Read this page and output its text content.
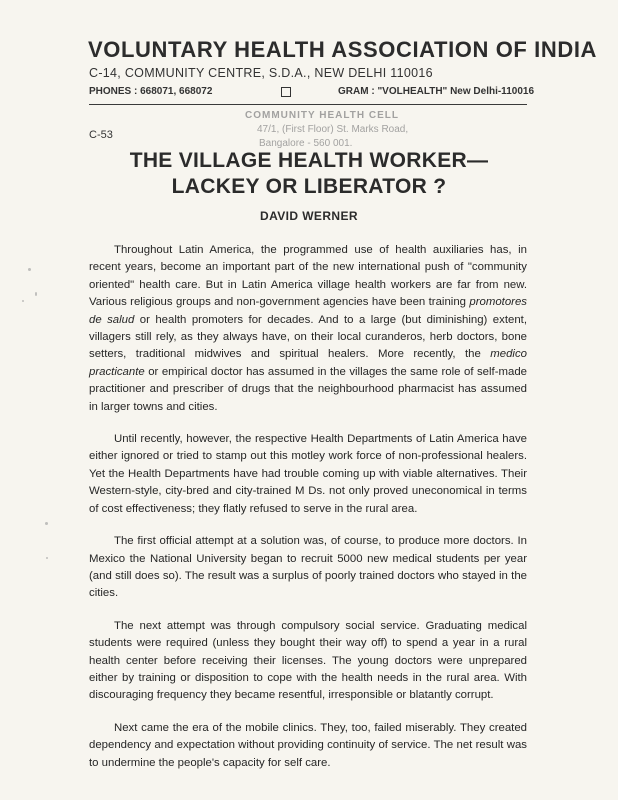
VOLUNTARY HEALTH ASSOCIATION OF INDIA
C-14, COMMUNITY CENTRE, S.D.A., NEW DELHI 110016
PHONES : 668071, 668072	GRAM : "VOLHEALTH" New Delhi-110016
COMMUNITY HEALTH CELL
47/1, (First Floor) St. Marks Road,
Bangalore - 560 001.
C-53
THE VILLAGE HEALTH WORKER—
LACKEY OR LIBERATOR ?
DAVID WERNER

Throughout Latin America, the programmed use of health auxiliaries has, in recent years, become an important part of the new international push of "community oriented" health care. But in Latin America village health workers are far from new. Various religious groups and non-government agencies have been training promotores de salud or health promoters for decades. And to a large (but diminishing) extent, villagers still rely, as they always have, on their local curanderos, herb doctors, bone setters, traditional midwives and spiritual healers. More recently, the medico practicante or empirical doctor has assumed in the villages the same role of self-made practitioner and prescriber of drugs that the neighbourhood pharmacist has assumed in larger towns and cities.

Until recently, however, the respective Health Departments of Latin America have either ignored or tried to stamp out this motley work force of non-professional healers. Yet the Health Departments have had trouble coming up with viable alternatives. Their Western-style, city-bred and city-trained M Ds. not only proved uneconomical in terms of cost effectiveness; they flatly refused to serve in the rural area.

The first official attempt at a solution was, of course, to produce more doctors. In Mexico the National University began to recruit 5000 new medical students per year (and still does so). The result was a surplus of poorly trained doctors who stayed in the cities.

The next attempt was through compulsory social service. Graduating medical students were required (unless they bought their way off) to spend a year in a rural health center before receiving their licenses. The young doctors were unprepared either by training or disposition to cope with the health needs in the rural area. With discouraging frequency they became resentful, irresponsible or blatantly corrupt.

Next came the era of the mobile clinics. They, too, failed miserably. They created dependency and expectation without providing continuity of service. The net result was to undermine the people's capacity for self care.
